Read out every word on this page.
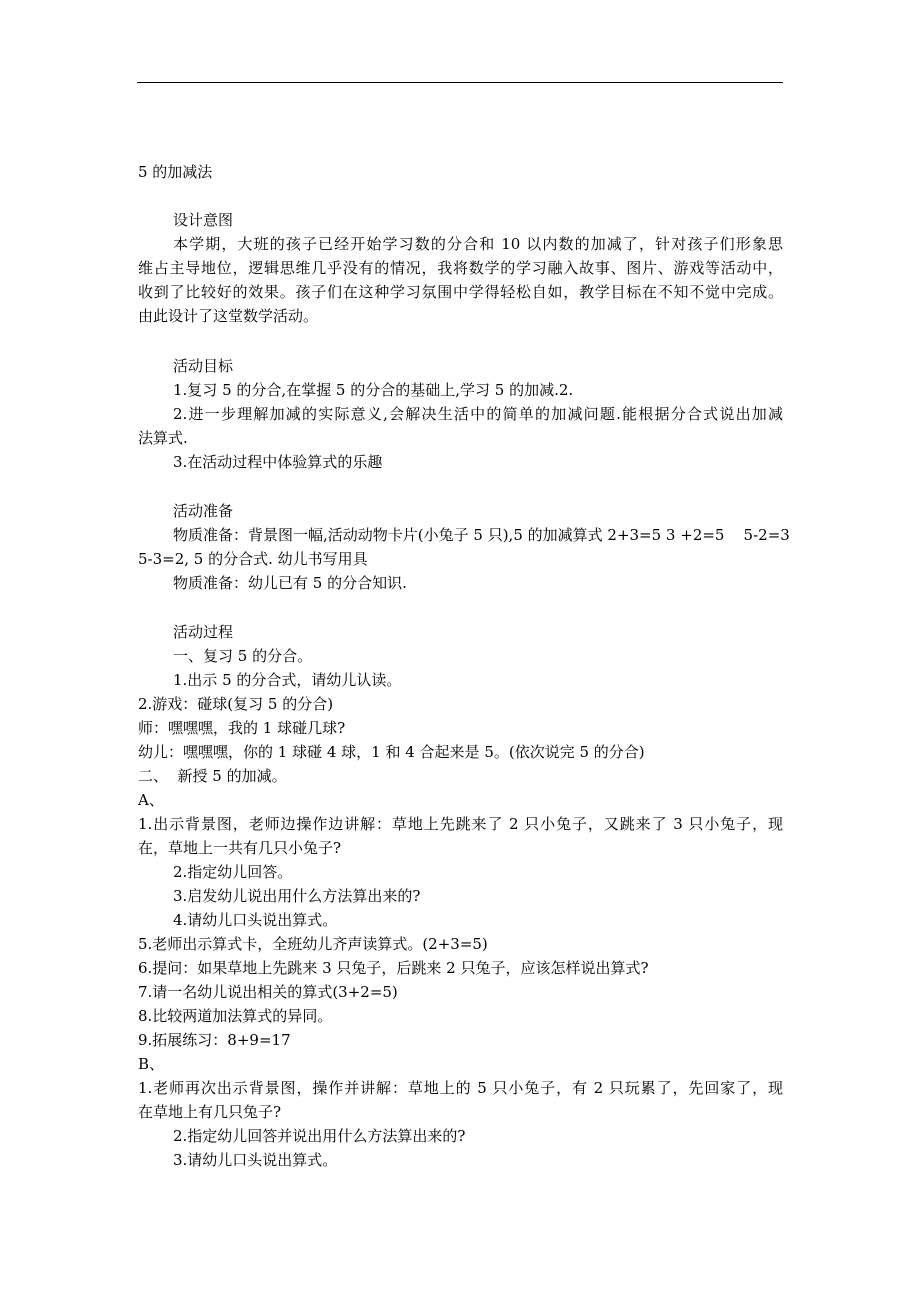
5 的加减法
设计意图
本学期，大班的孩子已经开始学习数的分合和 10 以内数的加减了，针对孩子们形象思
维占主导地位，逻辑思维几乎没有的情况，我将数学的学习融入故事、图片、游戏等活动中，
收到了比较好的效果。孩子们在这种学习氛围中学得轻松自如，教学目标在不知不觉中完成。
由此设计了这堂数学活动。
活动目标
1.复习 5 的分合,在掌握 5 的分合的基础上,学习 5 的加减.2.
2.进一步理解加减的实际意义,会解决生活中的简单的加减问题.能根据分合式说出加减
法算式.
3.在活动过程中体验算式的乐趣
活动准备
物质准备：背景图一幅,活动动物卡片(小兔子 5 只),5 的加减算式 2+3=5 3 +2=5    5-2=3
5-3=2, 5 的分合式. 幼儿书写用具
物质准备：幼儿已有 5 的分合知识.
活动过程
一、复习 5 的分合。
1.出示 5 的分合式，请幼儿认读。
2.游戏：碰球(复习 5 的分合)
师：嘿嘿嘿，我的 1 球碰几球?
幼儿：嘿嘿嘿，你的 1 球碰 4 球，1 和 4 合起来是 5。(依次说完 5 的分合)
二、  新授 5 的加减。
A、
1.出示背景图，老师边操作边讲解：草地上先跳来了 2 只小兔子，又跳来了 3 只小兔子，现
在，草地上一共有几只小兔子?
2.指定幼儿回答。
3.启发幼儿说出用什么方法算出来的?
4.请幼儿口头说出算式。
5.老师出示算式卡，全班幼儿齐声读算式。(2+3=5)
6.提问：如果草地上先跳来 3 只兔子，后跳来 2 只兔子，应该怎样说出算式?
7.请一名幼儿说出相关的算式(3+2=5)
8.比较两道加法算式的异同。
9.拓展练习：8+9=17
B、
1.老师再次出示背景图，操作并讲解：草地上的 5 只小兔子，有 2 只玩累了，先回家了，现
在草地上有几只兔子?
2.指定幼儿回答并说出用什么方法算出来的?
3.请幼儿口头说出算式。
